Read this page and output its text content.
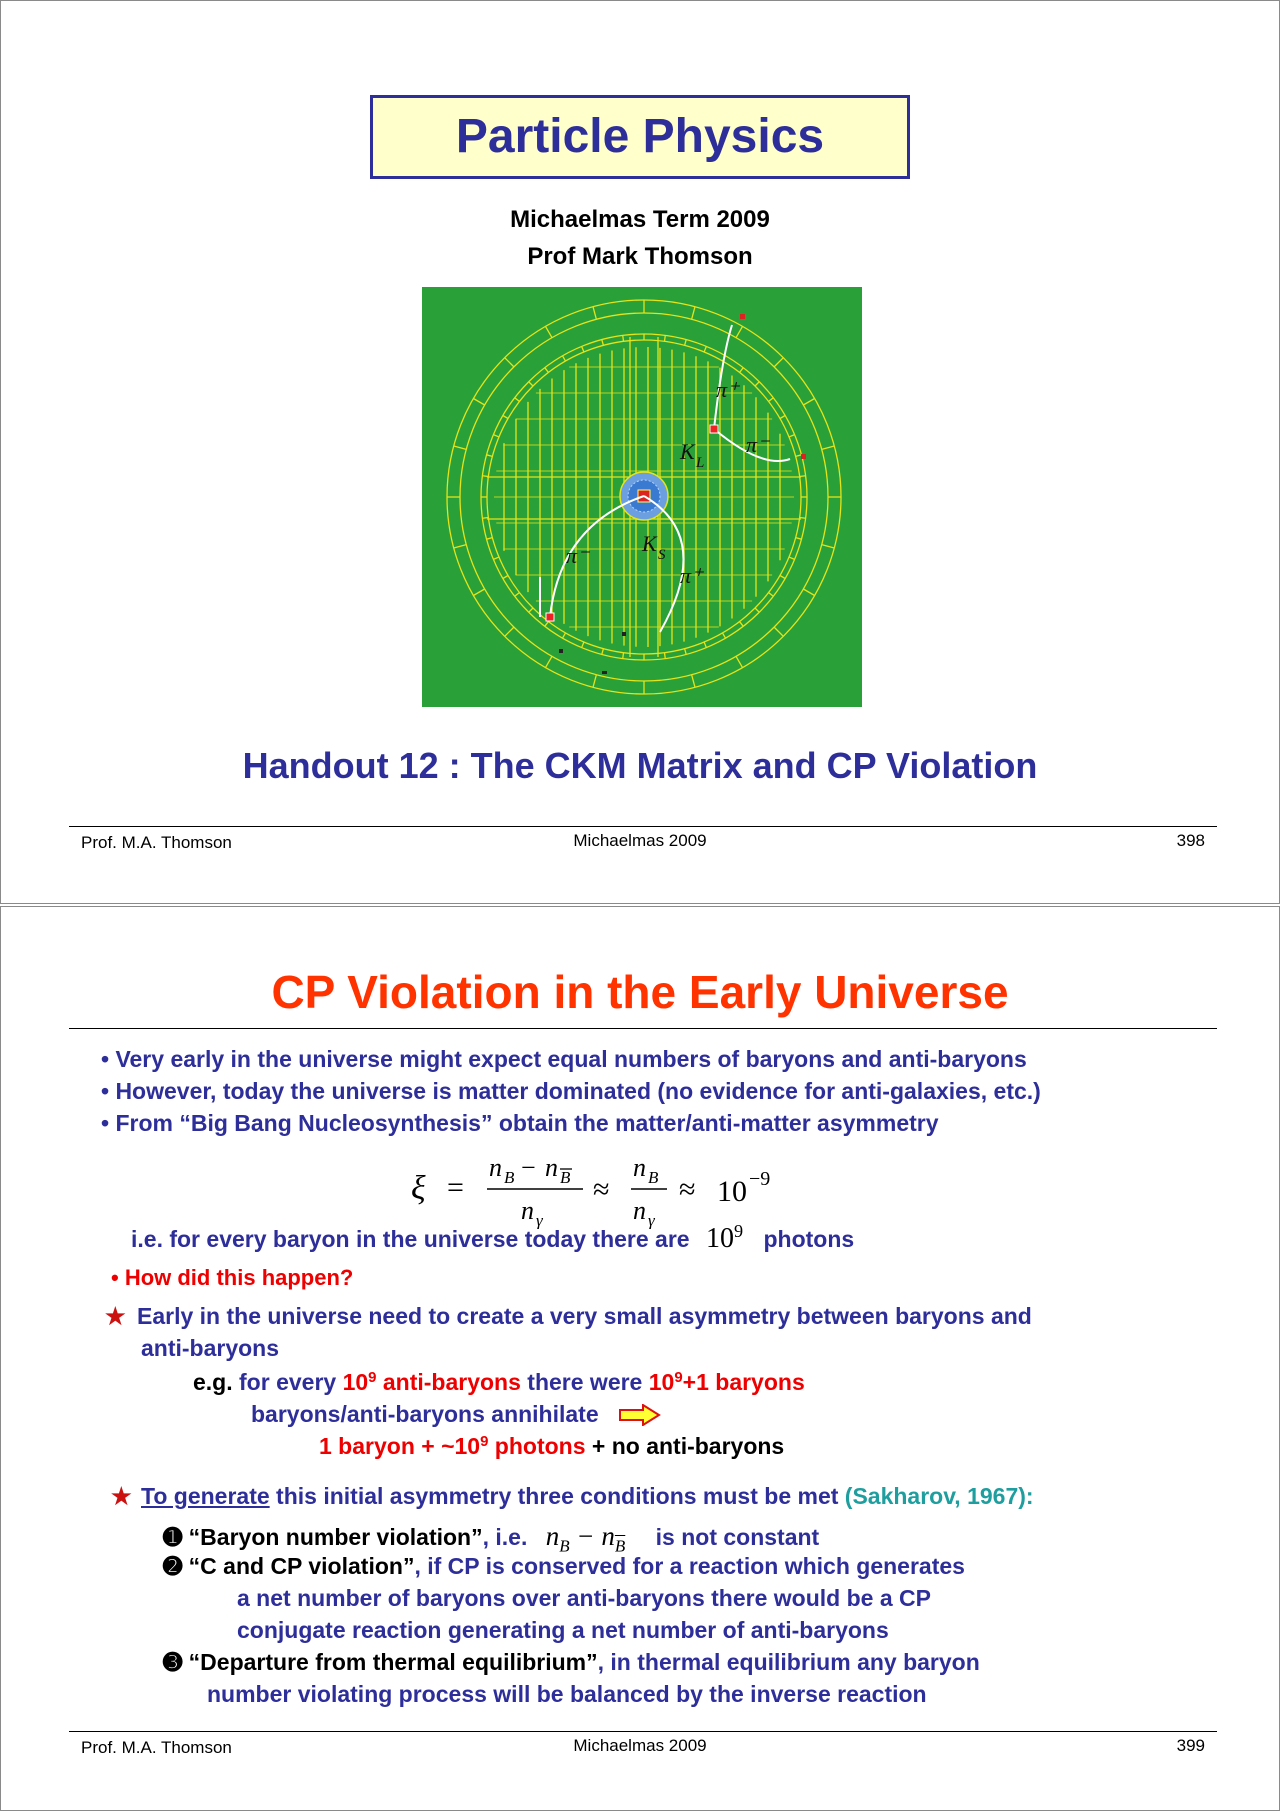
Particle Physics
Michaelmas Term 2009
Prof Mark Thomson
π⁺
π⁻
K L
K S
π⁻
π⁺
Handout 12 : The CKM Matrix and CP Violation
Prof. M.A. Thomson	Michaelmas 2009	398
CP Violation in the Early Universe
• Very early in the universe might expect equal numbers of baryons and anti-baryons
• However, today the universe is matter dominated (no evidence for anti-galaxies, etc.)
• From “Big Bang Nucleosynthesis” obtain the matter/anti-matter asymmetry
ξ =
n B − n B
n γ
≈
n B
n γ
≈ 10 −9
i.e. for every baryon in the universe today there are $10^9$ photons
• How did this happen?
★ Early in the universe need to create a very small asymmetry between baryons and
anti-baryons
e.g. for every $10^9$ anti-baryons there were $10^9+1$ baryons
baryons/anti-baryons annihilate
1 baryon + $\sim 10^9$ photons + no anti-baryons
★ To generate this initial asymmetry three conditions must be met (Sakharov, 1967):
➊ “Baryon number violation”, i.e. $n_B - n_{\overline{B}}$ is not constant
➋ “C and CP violation”, if CP is conserved for a reaction which generates
a net number of baryons over anti-baryons there would be a CP
conjugate reaction generating a net number of anti-baryons
➌ “Departure from thermal equilibrium”, in thermal equilibrium any baryon
number violating process will be balanced by the inverse reaction
Prof. M.A. Thomson	Michaelmas 2009	399
